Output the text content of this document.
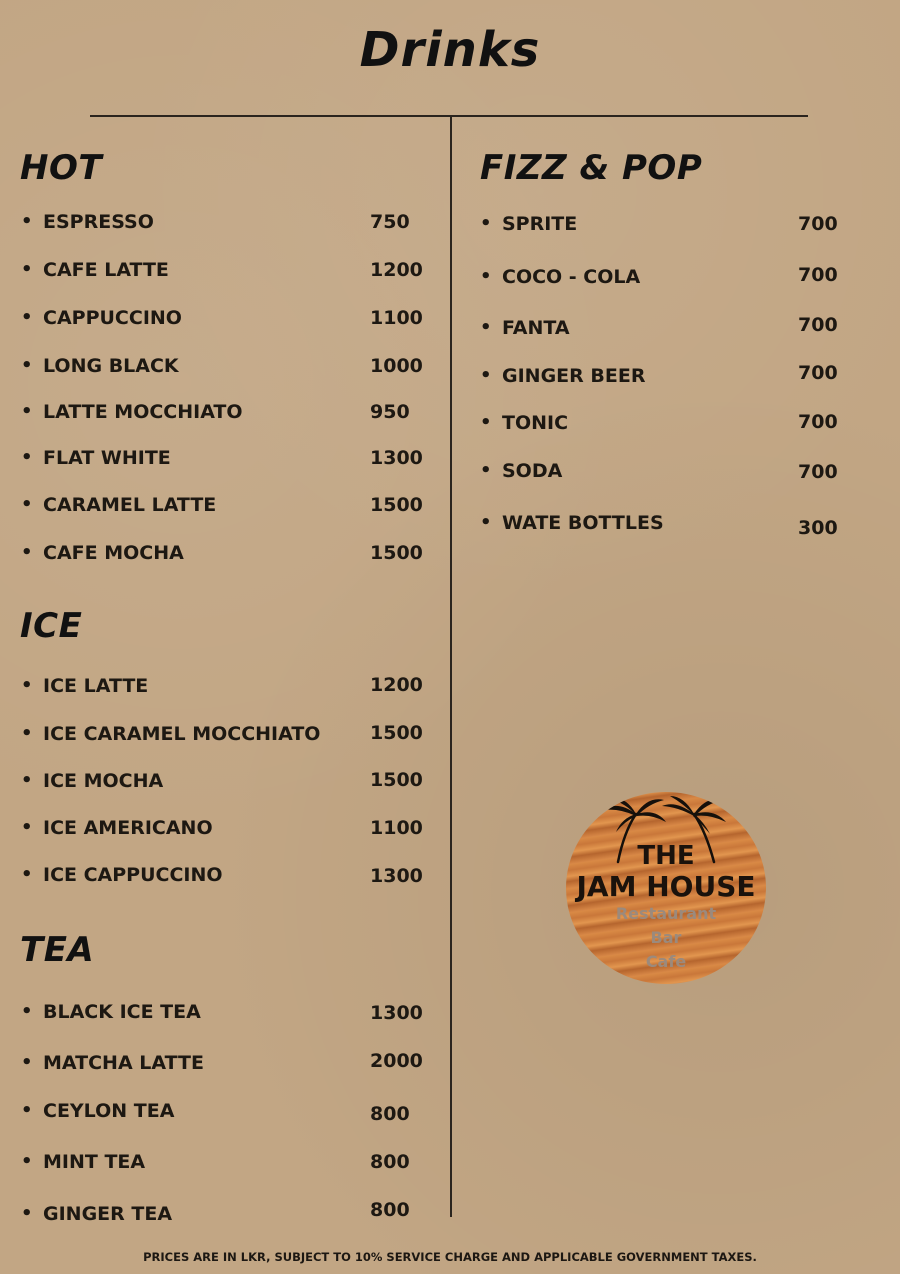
Drinks
HOT
• ESPRESSO	750
• CAFE LATTE	1200
• CAPPUCCINO	1100
• LONG BLACK	1000
• LATTE MOCCHIATO	950
• FLAT WHITE	1300
• CARAMEL LATTE	1500
• CAFE MOCHA	1500
ICE
• ICE LATTE	1200
• ICE CARAMEL MOCCHIATO	1500
• ICE MOCHA	1500
• ICE AMERICANO	1100
• ICE CAPPUCCINO	1300
TEA
• BLACK ICE TEA	1300
• MATCHA LATTE	2000
• CEYLON TEA	800
• MINT TEA	800
• GINGER TEA	800
FIZZ & POP
• SPRITE	700
• COCO - COLA	700
• FANTA	700
• GINGER BEER	700
• TONIC	700
• SODA	700
• WATE BOTTLES	300
THE
JAM HOUSE
Restaurant
Bar
Cafe
PRICES ARE IN LKR, SUBJECT TO 10% SERVICE CHARGE AND APPLICABLE GOVERNMENT TAXES.
